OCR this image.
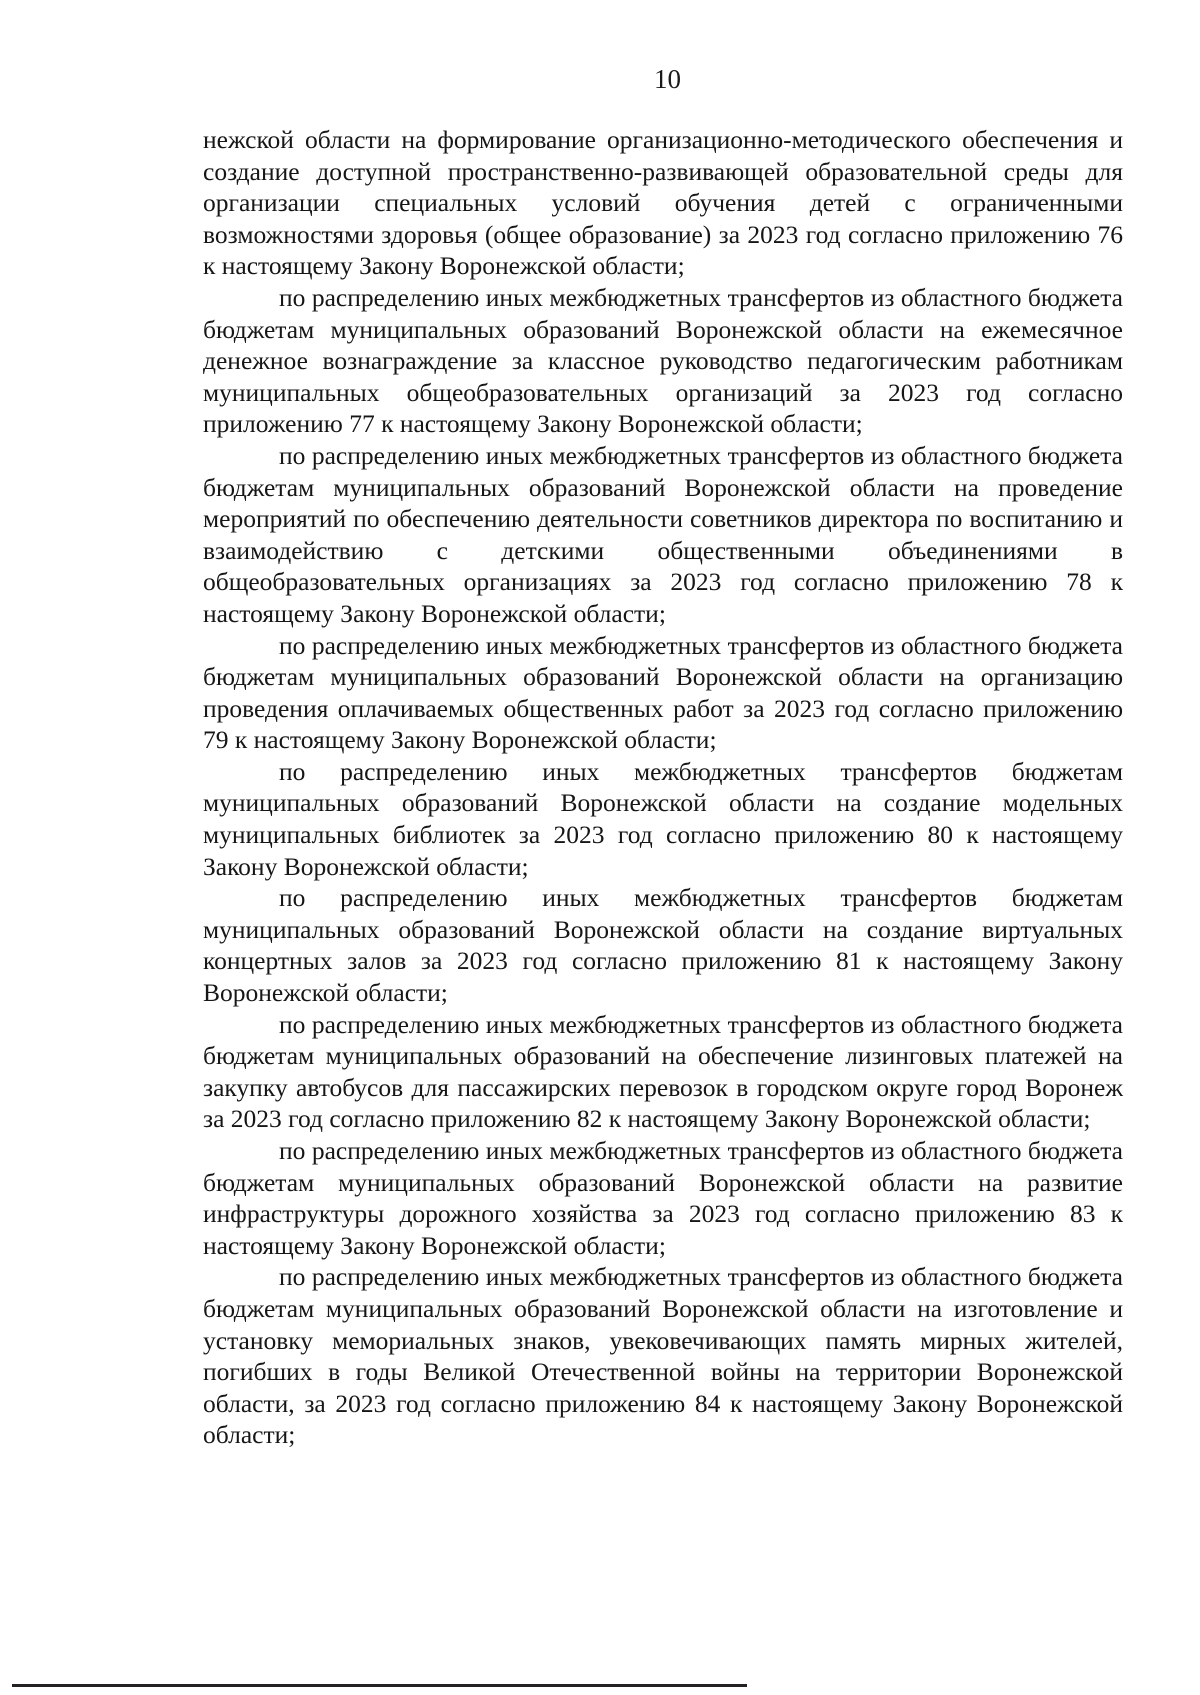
10

нежской области на формирование организационно-методического обеспечения и создание доступной пространственно-развивающей образовательной среды для организации специальных условий обучения детей с ограниченными возможностями здоровья (общее образование) за 2023 год согласно приложению 76 к настоящему Закону Воронежской области;

по распределению иных межбюджетных трансфертов из областного бюджета бюджетам муниципальных образований Воронежской области на ежемесячное денежное вознаграждение за классное руководство педагогическим работникам муниципальных общеобразовательных организаций за 2023 год согласно приложению 77 к настоящему Закону Воронежской области;

по распределению иных межбюджетных трансфертов из областного бюджета бюджетам муниципальных образований Воронежской области на проведение мероприятий по обеспечению деятельности советников директора по воспитанию и взаимодействию с детскими общественными объединениями в общеобразовательных организациях за 2023 год согласно приложению 78 к настоящему Закону Воронежской области;

по распределению иных межбюджетных трансфертов из областного бюджета бюджетам муниципальных образований Воронежской области на организацию проведения оплачиваемых общественных работ за 2023 год согласно приложению 79 к настоящему Закону Воронежской области;

по распределению иных межбюджетных трансфертов бюджетам муниципальных образований Воронежской области на создание модельных муниципальных библиотек за 2023 год согласно приложению 80 к настоящему Закону Воронежской области;

по распределению иных межбюджетных трансфертов бюджетам муниципальных образований Воронежской области на создание виртуальных концертных залов за 2023 год согласно приложению 81 к настоящему Закону Воронежской области;

по распределению иных межбюджетных трансфертов из областного бюджета бюджетам муниципальных образований на обеспечение лизинговых платежей на закупку автобусов для пассажирских перевозок в городском округе город Воронеж за 2023 год согласно приложению 82 к настоящему Закону Воронежской области;

по распределению иных межбюджетных трансфертов из областного бюджета бюджетам муниципальных образований Воронежской области на развитие инфраструктуры дорожного хозяйства за 2023 год согласно приложению 83 к настоящему Закону Воронежской области;

по распределению иных межбюджетных трансфертов из областного бюджета бюджетам муниципальных образований Воронежской области на изготовление и установку мемориальных знаков, увековечивающих память мирных жителей, погибших в годы Великой Отечественной войны на территории Воронежской области, за 2023 год согласно приложению 84 к настоящему Закону Воронежской области;
